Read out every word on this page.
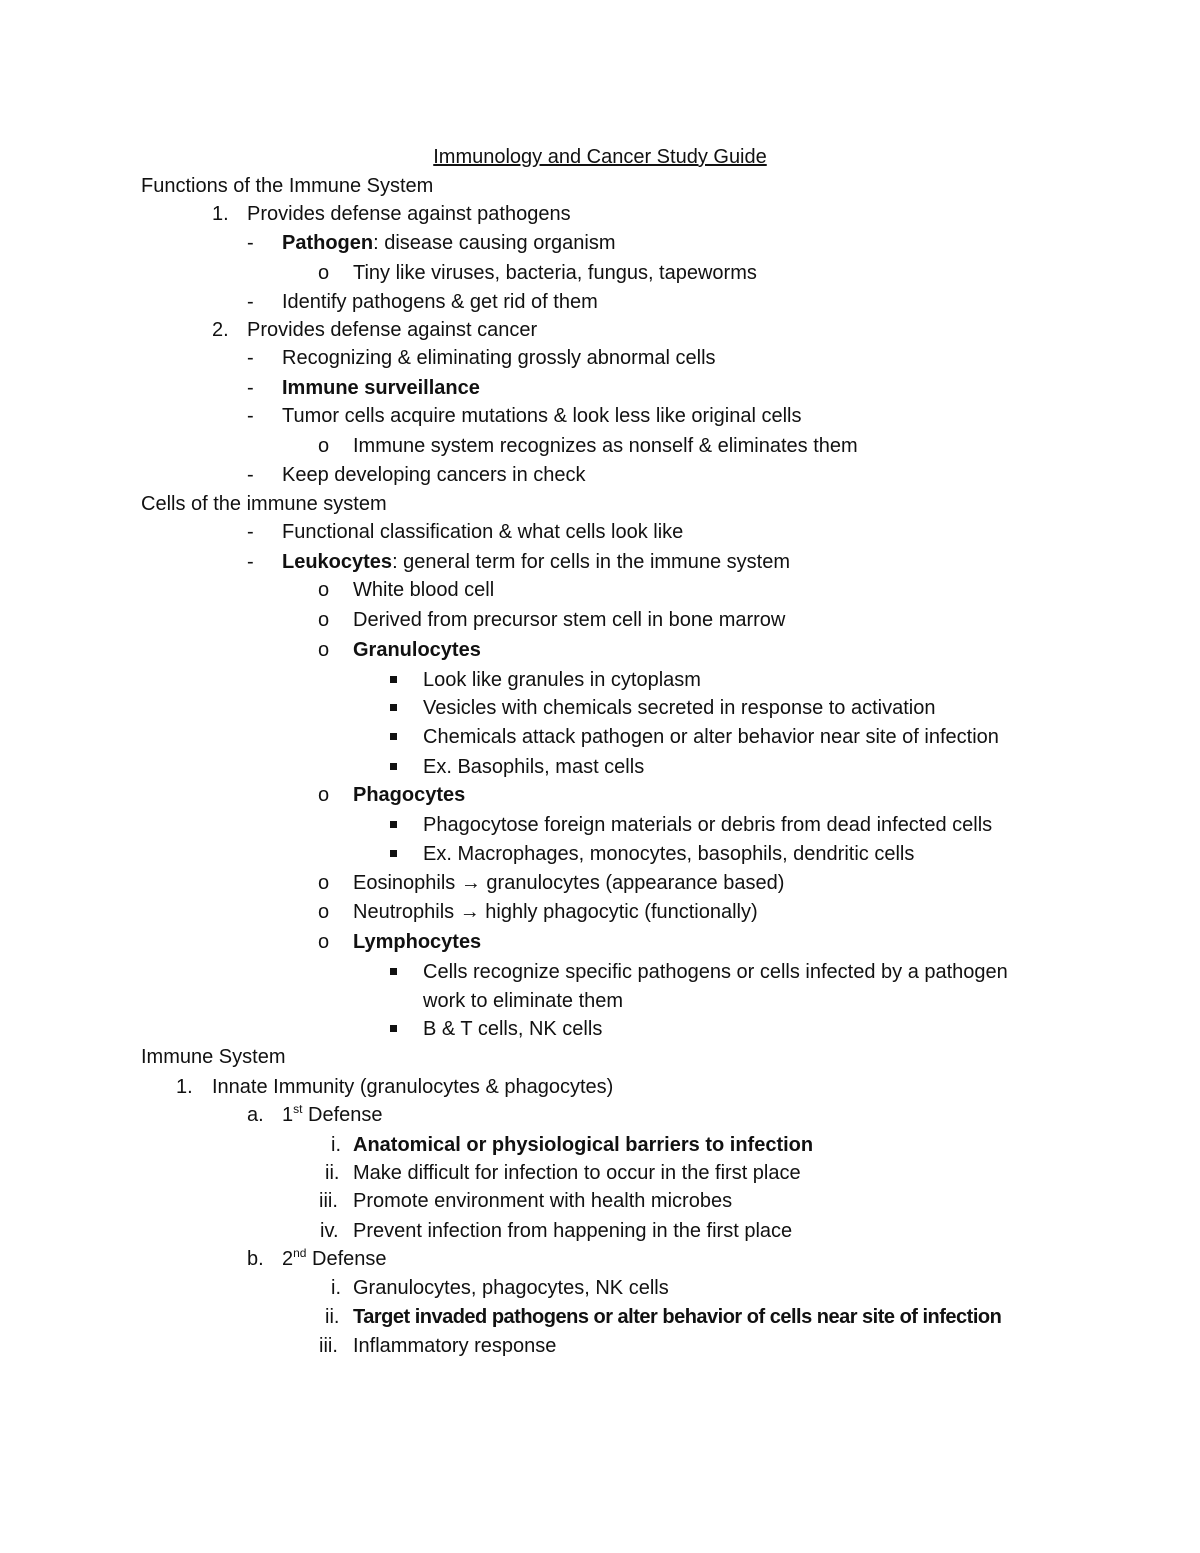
Immunology and Cancer Study Guide
Functions of the Immune System
1. Provides defense against pathogens
- Pathogen: disease causing organism
o Tiny like viruses, bacteria, fungus, tapeworms
- Identify pathogens & get rid of them
2. Provides defense against cancer
- Recognizing & eliminating grossly abnormal cells
- Immune surveillance
- Tumor cells acquire mutations & look less like original cells
o Immune system recognizes as nonself & eliminates them
- Keep developing cancers in check
Cells of the immune system
- Functional classification & what cells look like
- Leukocytes: general term for cells in the immune system
o White blood cell
o Derived from precursor stem cell in bone marrow
o Granulocytes
Look like granules in cytoplasm
Vesicles with chemicals secreted in response to activation
Chemicals attack pathogen or alter behavior near site of infection
Ex. Basophils, mast cells
o Phagocytes
Phagocytose foreign materials or debris from dead infected cells
Ex. Macrophages, monocytes, basophils, dendritic cells
o Eosinophils → granulocytes (appearance based)
o Neutrophils → highly phagocytic (functionally)
o Lymphocytes
Cells recognize specific pathogens or cells infected by a pathogen
work to eliminate them
B & T cells, NK cells
Immune System
1. Innate Immunity (granulocytes & phagocytes)
a. 1st Defense
i. Anatomical or physiological barriers to infection
ii. Make difficult for infection to occur in the first place
iii. Promote environment with health microbes
iv. Prevent infection from happening in the first place
b. 2nd Defense
i. Granulocytes, phagocytes, NK cells
ii. Target invaded pathogens or alter behavior of cells near site of infection
iii. Inflammatory response
